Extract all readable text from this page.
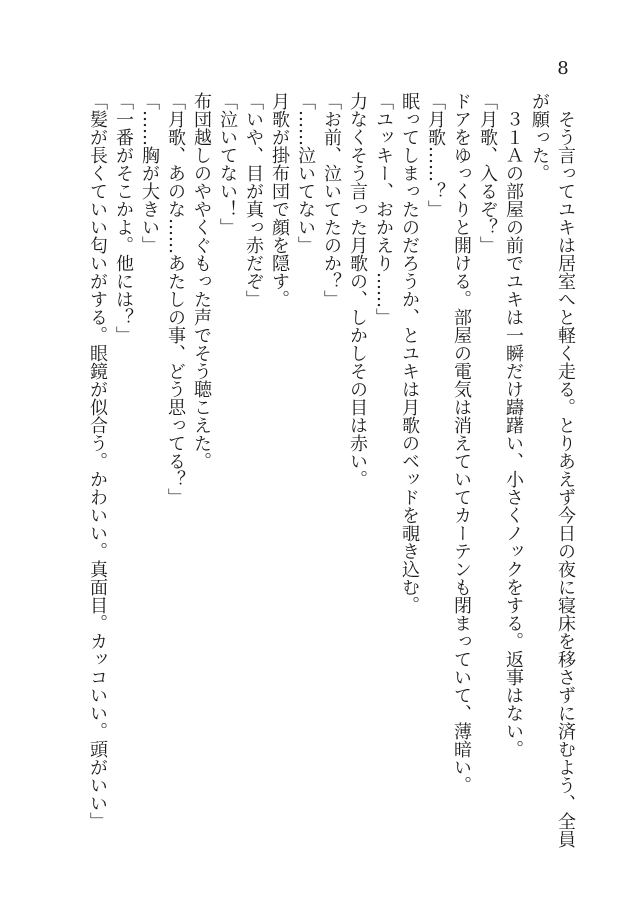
8
　そう言ってユキは居室へと軽く走る。とりあえず今日の夜に寝床を移さずに済むよう、全員
が願った。
　３１Ａの部屋の前でユキは一瞬だけ躊躇い、小さくノックをする。返事はない。
「月歌、入るぞ？」
ドアをゆっくりと開ける。部屋の電気は消えていてカーテンも閉まっていて、薄暗い。
「月歌……？」
眠ってしまったのだろうか、とユキは月歌のベッドを覗き込む。
「ユッキー、おかえり……」
力なくそう言った月歌の、しかしその目は赤い。
「お前、泣いてたのか？」
「……泣いてない」
月歌が掛布団で顔を隠す。
「いや、目が真っ赤だぞ」
「泣いてない！」
布団越しのややくぐもった声でそう聴こえた。
「月歌、あのな……あたしの事、どう思ってる？」
「……胸が大きい」
「一番がそこかよ。他には？」
「髪が長くていい匂いがする。眼鏡が似合う。かわいい。真面目。カッコいい。頭がいい」
